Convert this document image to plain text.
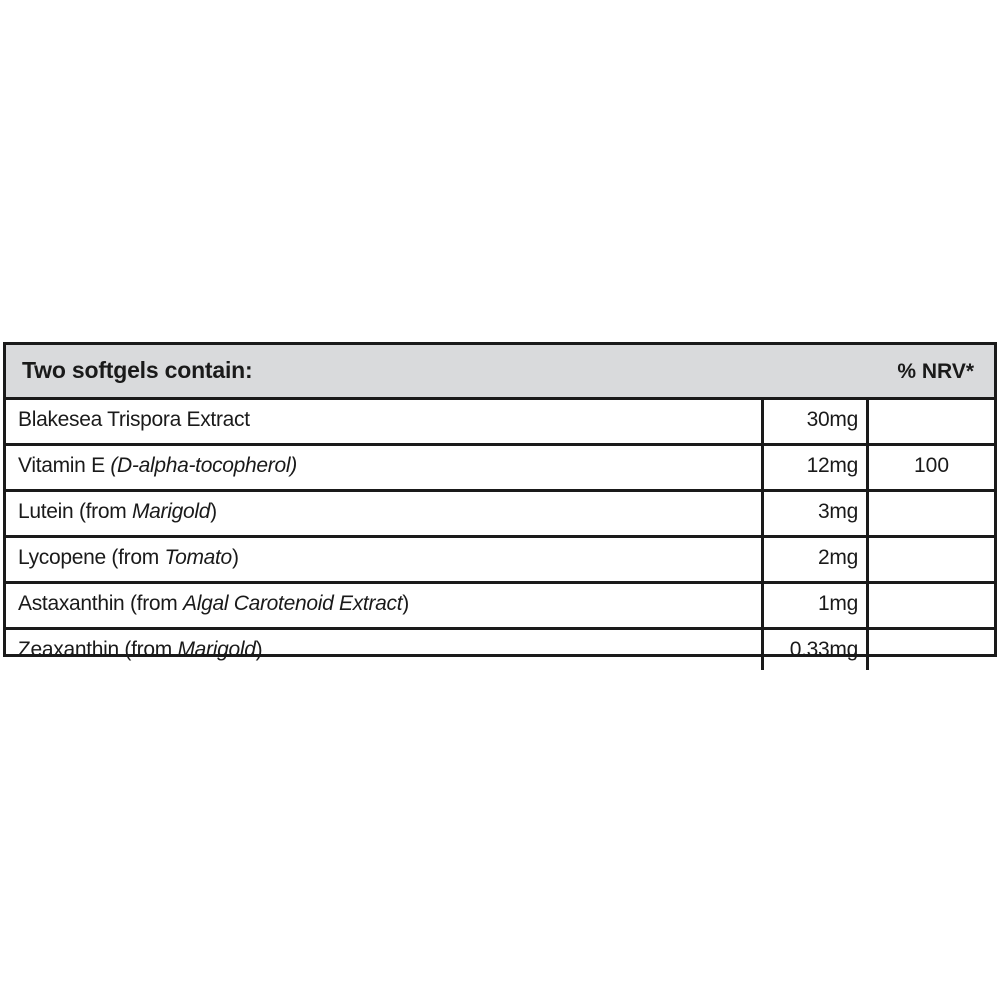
Two softgels contain:	% NRV*
Blakesea Trispora Extract	30mg
Vitamin E (D-alpha-tocopherol)	12mg	100
Lutein (from Marigold)	3mg
Lycopene (from Tomato)	2mg
Astaxanthin (from Algal Carotenoid Extract)	1mg
Zeaxanthin (from Marigold)	0.33mg
